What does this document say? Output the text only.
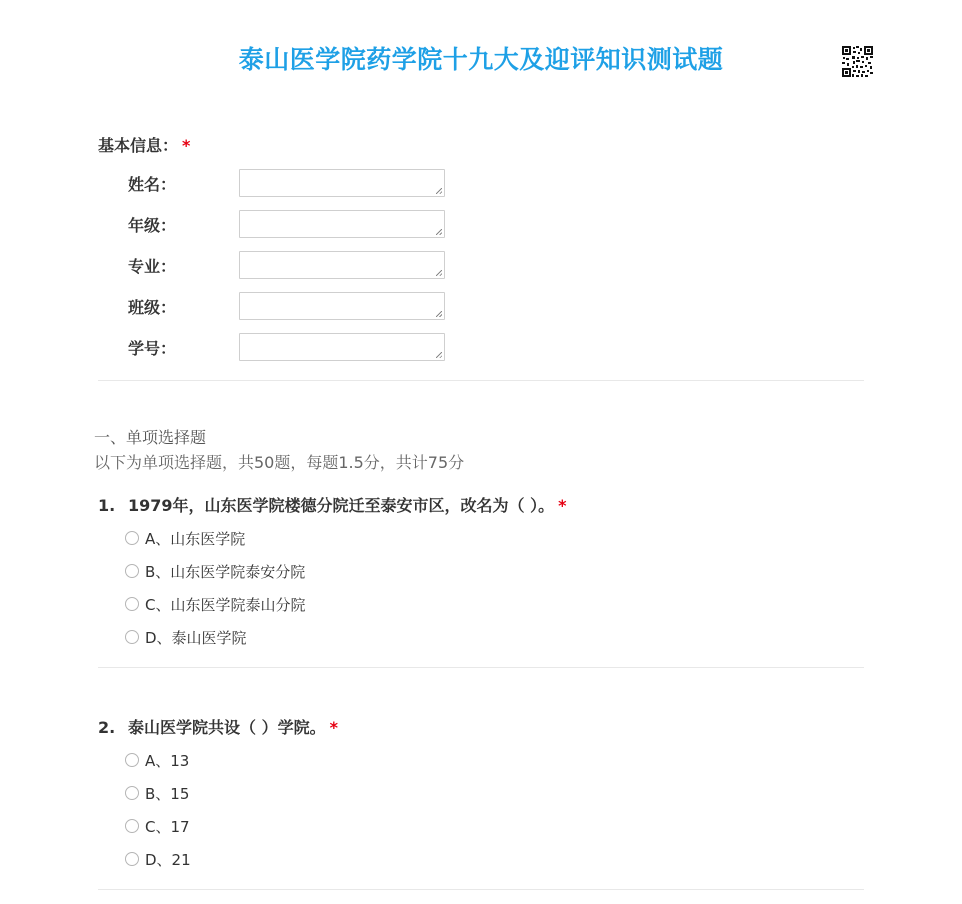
泰山医学院药学院十九大及迎评知识测试题
基本信息： *
姓名：
年级：
专业：
班级：
学号：
一、单项选择题
以下为单项选择题，共50题，每题1.5分，共计75分
1. 1979年，山东医学院楼德分院迁至泰安市区，改名为（ ）。 *
A、山东医学院
B、山东医学院泰安分院
C、山东医学院泰山分院
D、泰山医学院
2. 泰山医学院共设（ ）学院。 *
A、13
B、15
C、17
D、21
